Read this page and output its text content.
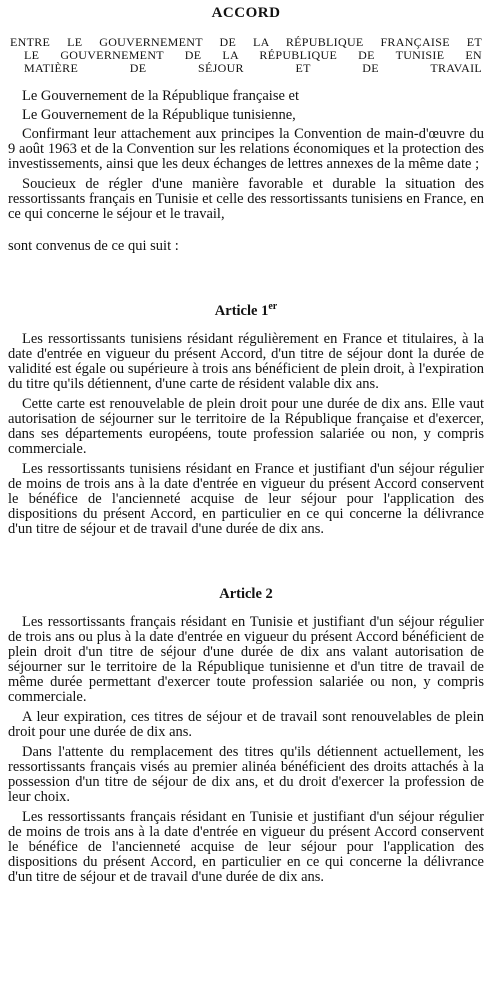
ACCORD
ENTRE LE GOUVERNEMENT DE LA RÉPUBLIQUE FRANÇAISE ET
LE GOUVERNEMENT DE LA RÉPUBLIQUE DE TUNISIE EN
MATIÈRE DE SÉJOUR ET DE TRAVAIL

Le Gouvernement de la République française et

Le Gouvernement de la République tunisienne,

Confirmant leur attachement aux principes la Convention de main-d'œuvre du 9 août 1963 et de la Convention sur les relations économiques et la protection des investissements, ainsi que les deux échanges de lettres annexes de la même date ;

Soucieux de régler d'une manière favorable et durable la situation des ressortissants français en Tunisie et celle des ressortissants tunisiens en France, en ce qui concerne le séjour et le travail,

sont convenus de ce qui suit :

Article 1er

Les ressortissants tunisiens résidant régulièrement en France et titulaires, à la date d'entrée en vigueur du présent Accord, d'un titre de séjour dont la durée de validité est égale ou supérieure à trois ans bénéficient de plein droit, à l'expiration du titre qu'ils détiennent, d'une carte de résident valable dix ans.

Cette carte est renouvelable de plein droit pour une durée de dix ans. Elle vaut autorisation de séjourner sur le territoire de la République française et d'exercer, dans ses départements européens, toute profession salariée ou non, y compris commerciale.

Les ressortissants tunisiens résidant en France et justifiant d'un séjour régulier de moins de trois ans à la date d'entrée en vigueur du présent Accord conservent le bénéfice de l'ancienneté acquise de leur séjour pour l'application des dispositions du présent Accord, en particulier en ce qui concerne la délivrance d'un titre de séjour et de travail d'une durée de dix ans.

Article 2

Les ressortissants français résidant en Tunisie et justifiant d'un séjour régulier de trois ans ou plus à la date d'entrée en vigueur du présent Accord bénéficient de plein droit d'un titre de séjour d'une durée de dix ans valant autorisation de séjourner sur le territoire de la République tunisienne et d'un titre de travail de même durée permettant d'exercer toute profession salariée ou non, y compris commerciale.

A leur expiration, ces titres de séjour et de travail sont renouvelables de plein droit pour une durée de dix ans.

Dans l'attente du remplacement des titres qu'ils détiennent actuellement, les ressortissants français visés au premier alinéa bénéficient des droits attachés à la possession d'un titre de séjour de dix ans, et du droit d'exercer la profession de leur choix.

Les ressortissants français résidant en Tunisie et justifiant d'un séjour régulier de moins de trois ans à la date d'entrée en vigueur du présent Accord conservent le bénéfice de l'ancienneté acquise de leur séjour pour l'application des dispositions du présent Accord, en particulier en ce qui concerne la délivrance d'un titre de séjour et de travail d'une durée de dix ans.
